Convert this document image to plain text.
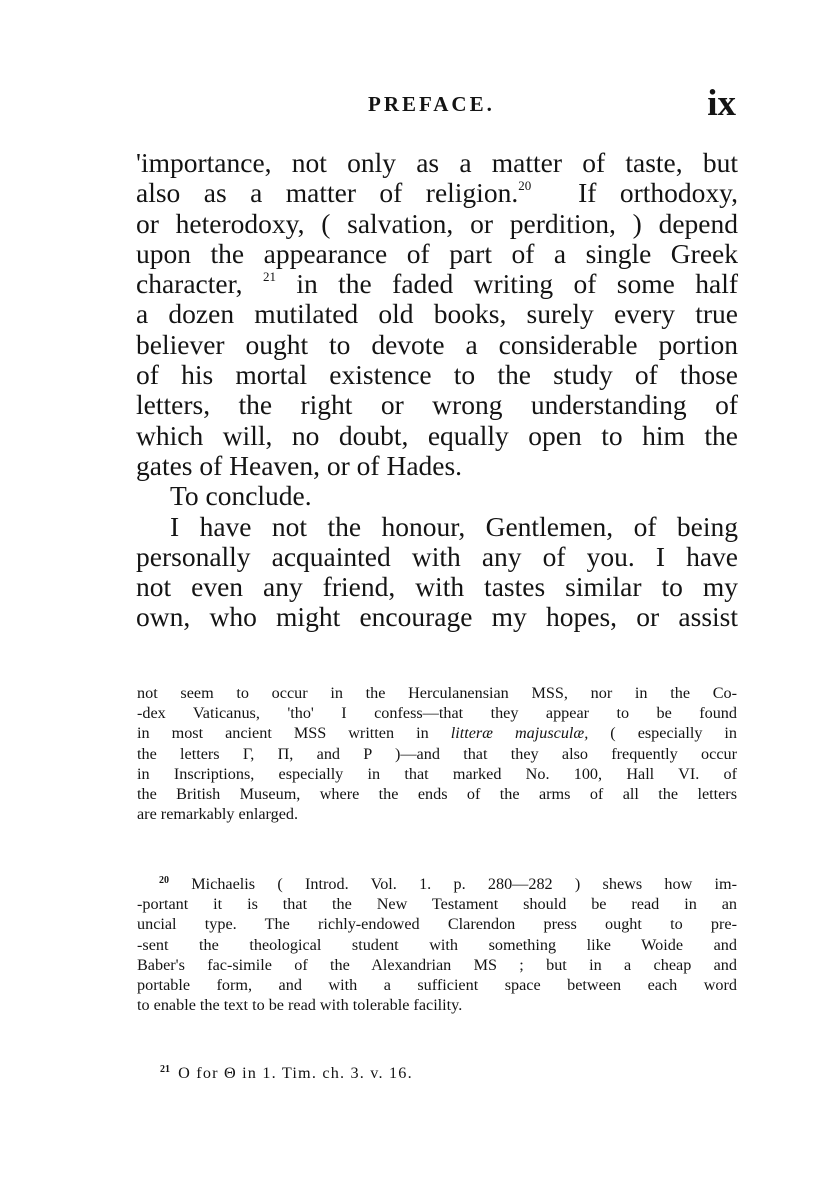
PREFACE.	ix
'importance, not only as a matter of taste, but
also as a matter of religion.$^{20}$ If orthodoxy,
or heterodoxy, ( salvation, or perdition, ) depend
upon the appearance of part of a single Greek
character, $^{21}$ in the faded writing of some half
a dozen mutilated old books, surely every true
believer ought to devote a considerable portion
of his mortal existence to the study of those
letters, the right or wrong understanding of
which will, no doubt, equally open to him the
gates of Heaven, or of Hades.
To conclude.
I have not the honour, Gentlemen, of being
personally acquainted with any of you. I have
not even any friend, with tastes similar to my
own, who might encourage my hopes, or assist
not seem to occur in the Herculanensian MSS, nor in the Co-
-dex Vaticanus, 'tho' I confess—that they appear to be found
in most ancient MSS written in litteræ majusculæ, ( especially in
the letters Γ, Π, and P )—and that they also frequently occur
in Inscriptions, especially in that marked No. 100, Hall VI. of
the British Museum, where the ends of the arms of all the letters
are remarkably enlarged.
$^{20}$ Michaelis ( Introd. Vol. 1. p. 280—282 ) shews how im-
-portant it is that the New Testament should be read in an
uncial type. The richly-endowed Clarendon press ought to pre-
-sent the theological student with something like Woide and
Baber's fac-simile of the Alexandrian MS ; but in a cheap and
portable form, and with a sufficient space between each word
to enable the text to be read with tolerable facility.
$^{21}$ O for Θ in 1. Tim. ch. 3. v. 16.
